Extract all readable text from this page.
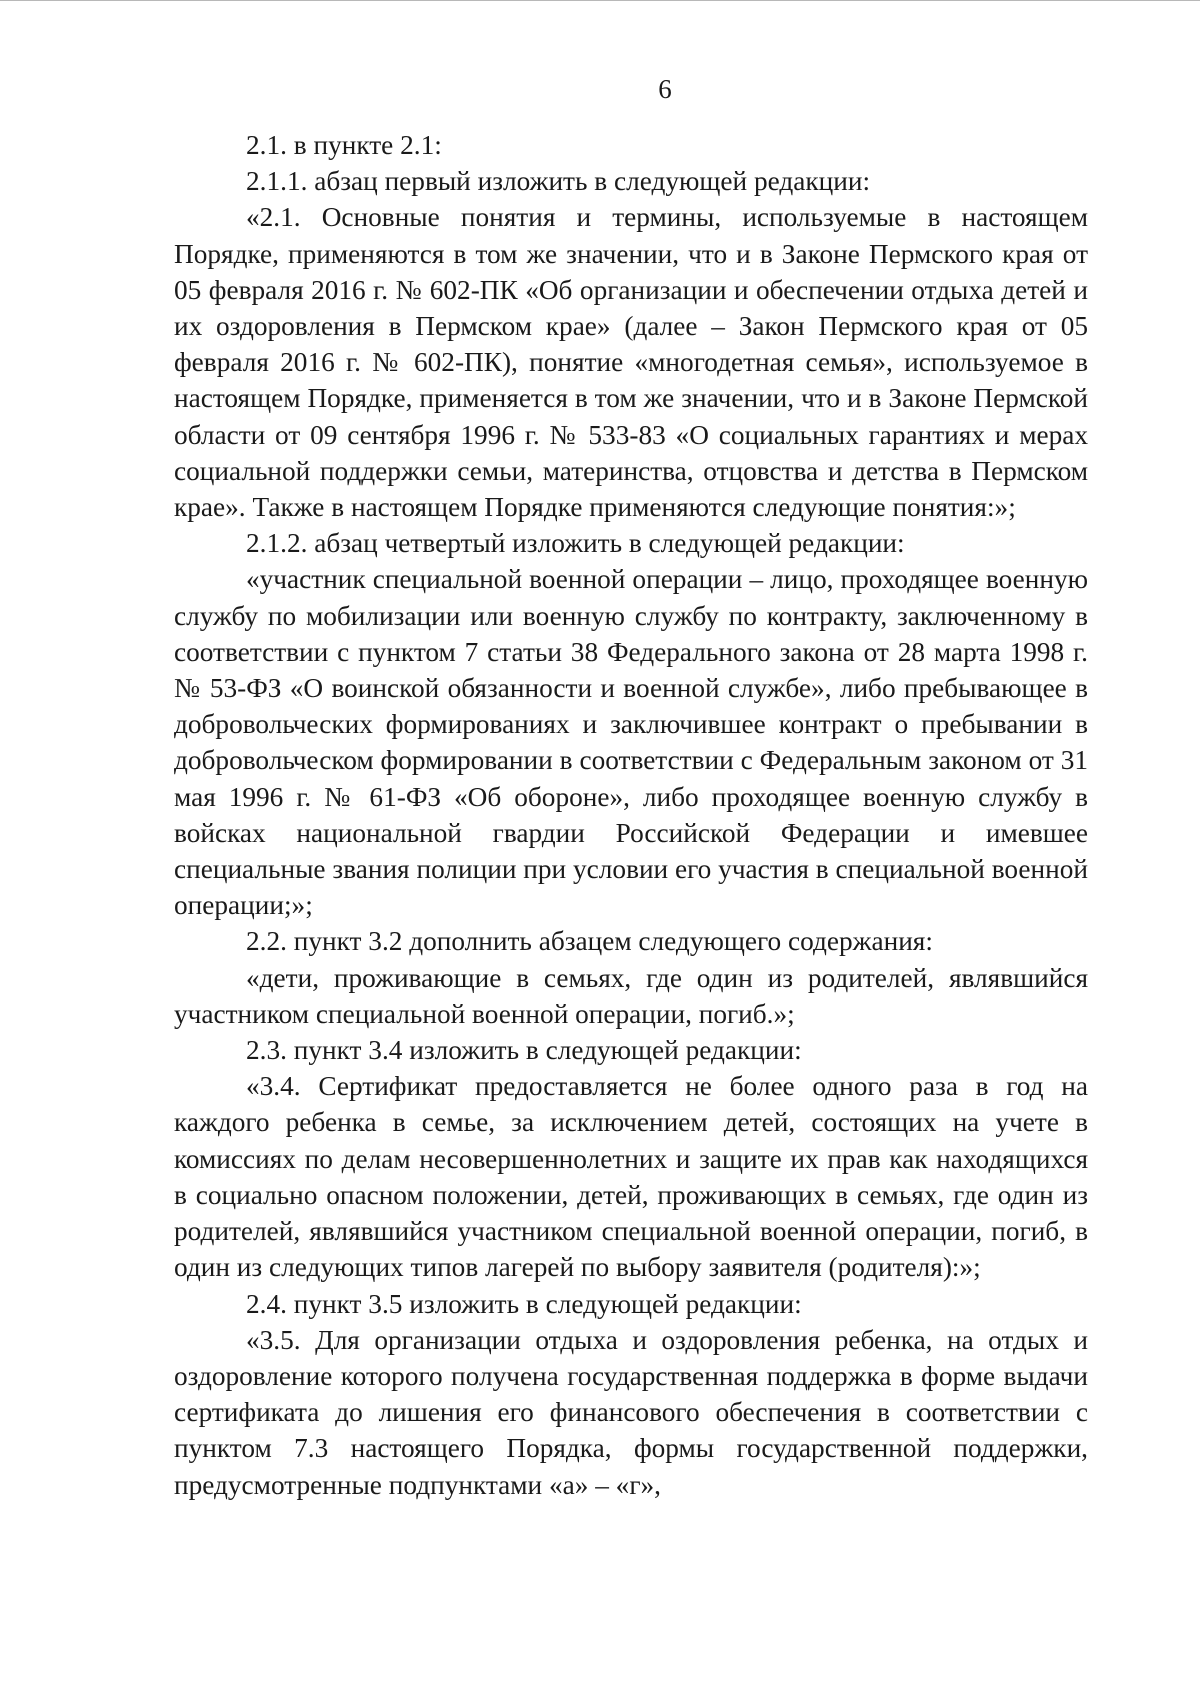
6

2.1. в пункте 2.1:

2.1.1. абзац первый изложить в следующей редакции:

«2.1. Основные понятия и термины, используемые в настоящем Порядке, применяются в том же значении, что и в Законе Пермского края от 05 февраля 2016 г. № 602-ПК «Об организации и обеспечении отдыха детей и их оздоровления в Пермском крае» (далее – Закон Пермского края от 05 февраля 2016 г. № 602-ПК), понятие «многодетная семья», используемое в настоящем Порядке, применяется в том же значении, что и в Законе Пермской области от 09 сентября 1996 г. № 533-83 «О социальных гарантиях и мерах социальной поддержки семьи, материнства, отцовства и детства в Пермском крае». Также в настоящем Порядке применяются следующие понятия:»;

2.1.2. абзац четвертый изложить в следующей редакции:

«участник специальной военной операции – лицо, проходящее военную службу по мобилизации или военную службу по контракту, заключенному в соответствии с пунктом 7 статьи 38 Федерального закона от 28 марта 1998 г. № 53-ФЗ «О воинской обязанности и военной службе», либо пребывающее в добровольческих формированиях и заключившее контракт о пребывании в добровольческом формировании в соответствии с Федеральным законом от 31 мая 1996 г. № 61-ФЗ «Об обороне», либо проходящее военную службу в войсках национальной гвардии Российской Федерации и имевшее специальные звания полиции при условии его участия в специальной военной операции;»;

2.2. пункт 3.2 дополнить абзацем следующего содержания:

«дети, проживающие в семьях, где один из родителей, являвшийся участником специальной военной операции, погиб.»;

2.3. пункт 3.4 изложить в следующей редакции:

«3.4. Сертификат предоставляется не более одного раза в год на каждого ребенка в семье, за исключением детей, состоящих на учете в комиссиях по делам несовершеннолетних и защите их прав как находящихся в социально опасном положении, детей, проживающих в семьях, где один из родителей, являвшийся участником специальной военной операции, погиб, в один из следующих типов лагерей по выбору заявителя (родителя):»;

2.4. пункт 3.5 изложить в следующей редакции:

«3.5. Для организации отдыха и оздоровления ребенка, на отдых и оздоровление которого получена государственная поддержка в форме выдачи сертификата до лишения его финансового обеспечения в соответствии с пунктом 7.3 настоящего Порядка, формы государственной поддержки, предусмотренные подпунктами «а» – «г»,
